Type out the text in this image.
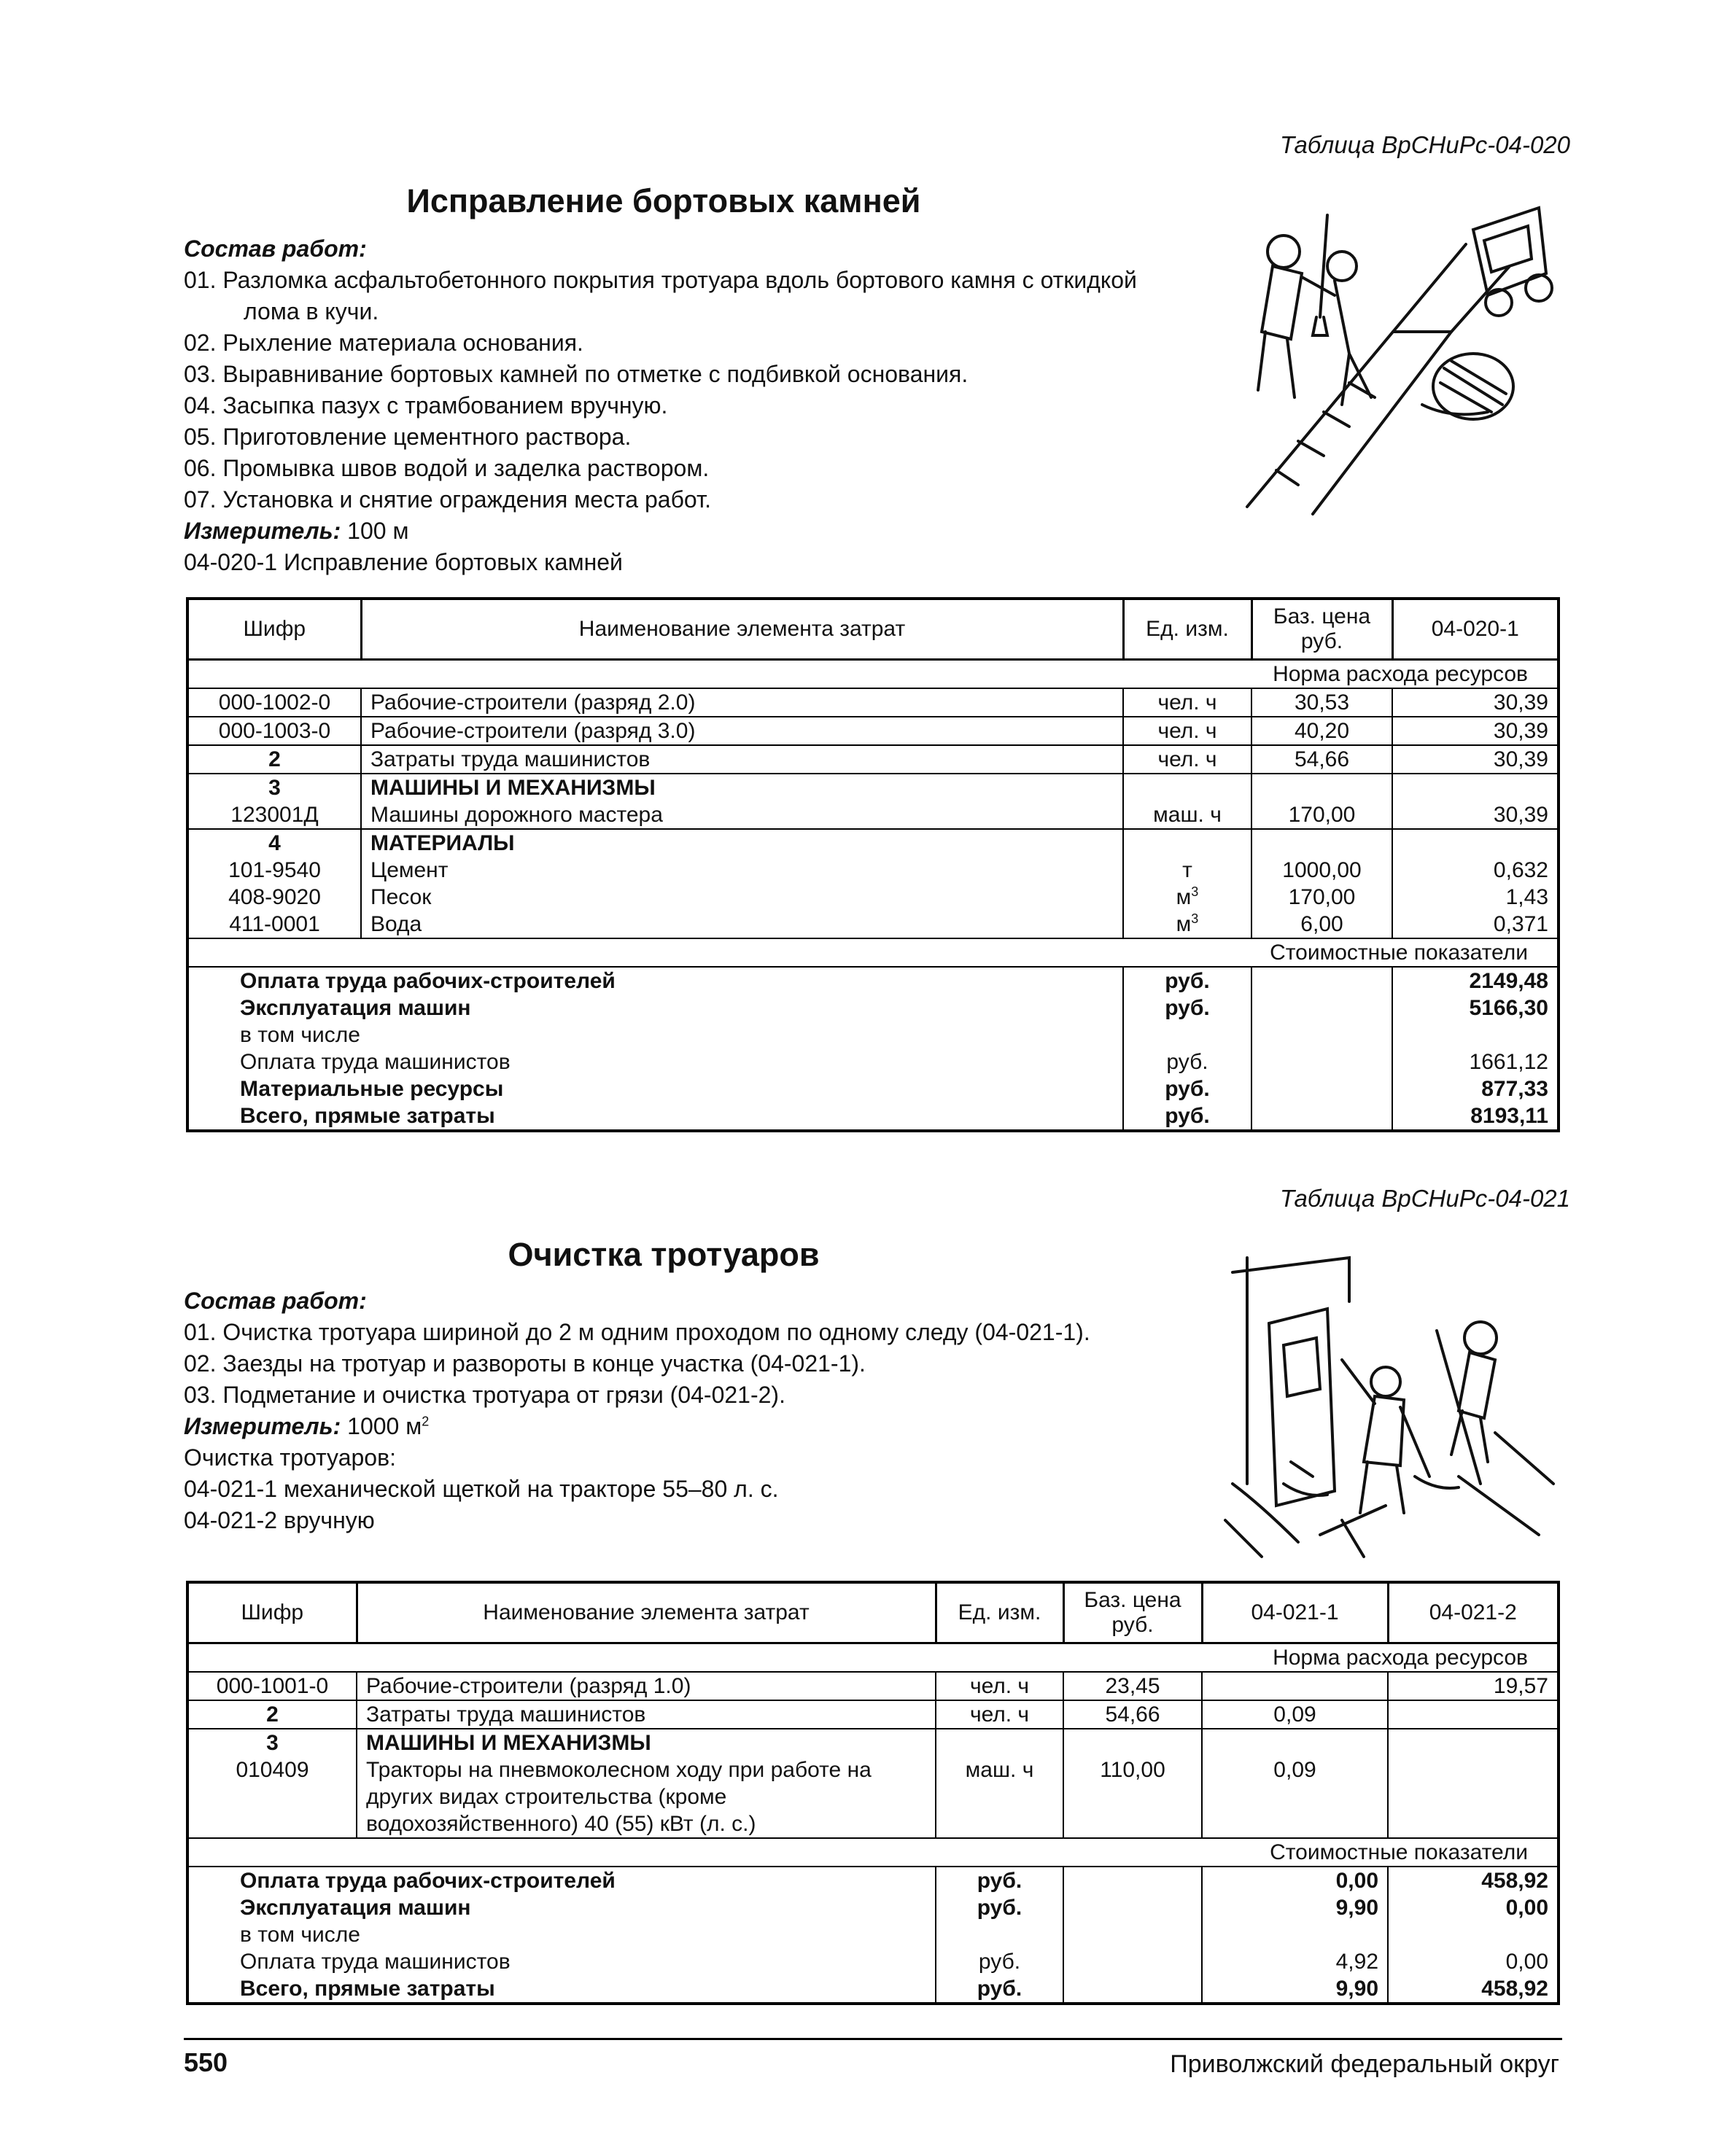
Таблица ВрСНиРс-04-020
Исправление бортовых камней
Состав работ:
01. Разломка асфальтобетонного покрытия тротуара вдоль бортового камня с откидкой лома в кучи.
02. Рыхление материала основания.
03. Выравнивание бортовых камней по отметке с подбивкой основания.
04. Засыпка пазух с трамбованием вручную.
05. Приготовление цементного раствора.
06. Промывка швов водой и заделка раствором.
07. Установка и снятие ограждения места работ.
Измеритель: 100 м
04-020-1 Исправление бортовых камней
Шифр	Наименование элемента затрат	Ед. изм.	Баз. цена руб.	04-020-1
Норма расхода ресурсов				
000-1002-0	Рабочие-строители (разряд 2.0)	чел. ч	30,53	30,39
000-1003-0	Рабочие-строители (разряд 3.0)	чел. ч	40,20	30,39
2	Затраты труда машинистов	чел. ч	54,66	30,39
3	МАШИНЫ И МЕХАНИЗМЫ			
123001Д	Машины дорожного мастера	маш. ч	170,00	30,39
4	МАТЕРИАЛЫ			
101-9540	Цемент	т	1000,00	0,632
408-9020	Песок	$м^3$	170,00	1,43
411-0001	Вода	$м^3$	6,00	0,371
Стоимостные показатели				
Оплата труда рабочих-строителей		руб.		2149,48
Эксплуатация машин		руб.		5166,30
в том числе				
Оплата труда машинистов		руб.		1661,12
Материальные ресурсы		руб.		877,33
Всего, прямые затраты		руб.		8193,11
Таблица ВрСНиРс-04-021
Очистка тротуаров
Состав работ:
01. Очистка тротуара шириной до 2 м одним проходом по одному следу (04-021-1).
02. Заезды на тротуар и развороты в конце участка (04-021-1).
03. Подметание и очистка тротуара от грязи (04-021-2).
Измеритель: 1000 $м^2$
Очистка тротуаров:
04-021-1 механической щеткой на тракторе 55–80 л. с.
04-021-2 вручную
Шифр	Наименование элемента затрат	Ед. изм.	Баз. цена руб.	04-021-1	04-021-2
Норма расхода ресурсов					
000-1001-0	Рабочие-строители (разряд 1.0)	чел. ч	23,45		19,57
2	Затраты труда машинистов	чел. ч	54,66	0,09	
3	МАШИНЫ И МЕХАНИЗМЫ				
010409	Тракторы на пневмоколесном ходу при работе на других видах строительства (кроме водохозяйственного) 40 (55) кВт (л. с.)	маш. ч	110,00	0,09	
Стоимостные показатели					
Оплата труда рабочих-строителей		руб.		0,00	458,92
Эксплуатация машин		руб.		9,90	0,00
в том числе					
Оплата труда машинистов		руб.		4,92	0,00
Всего, прямые затраты		руб.		9,90	458,92
550	Приволжский федеральный округ
